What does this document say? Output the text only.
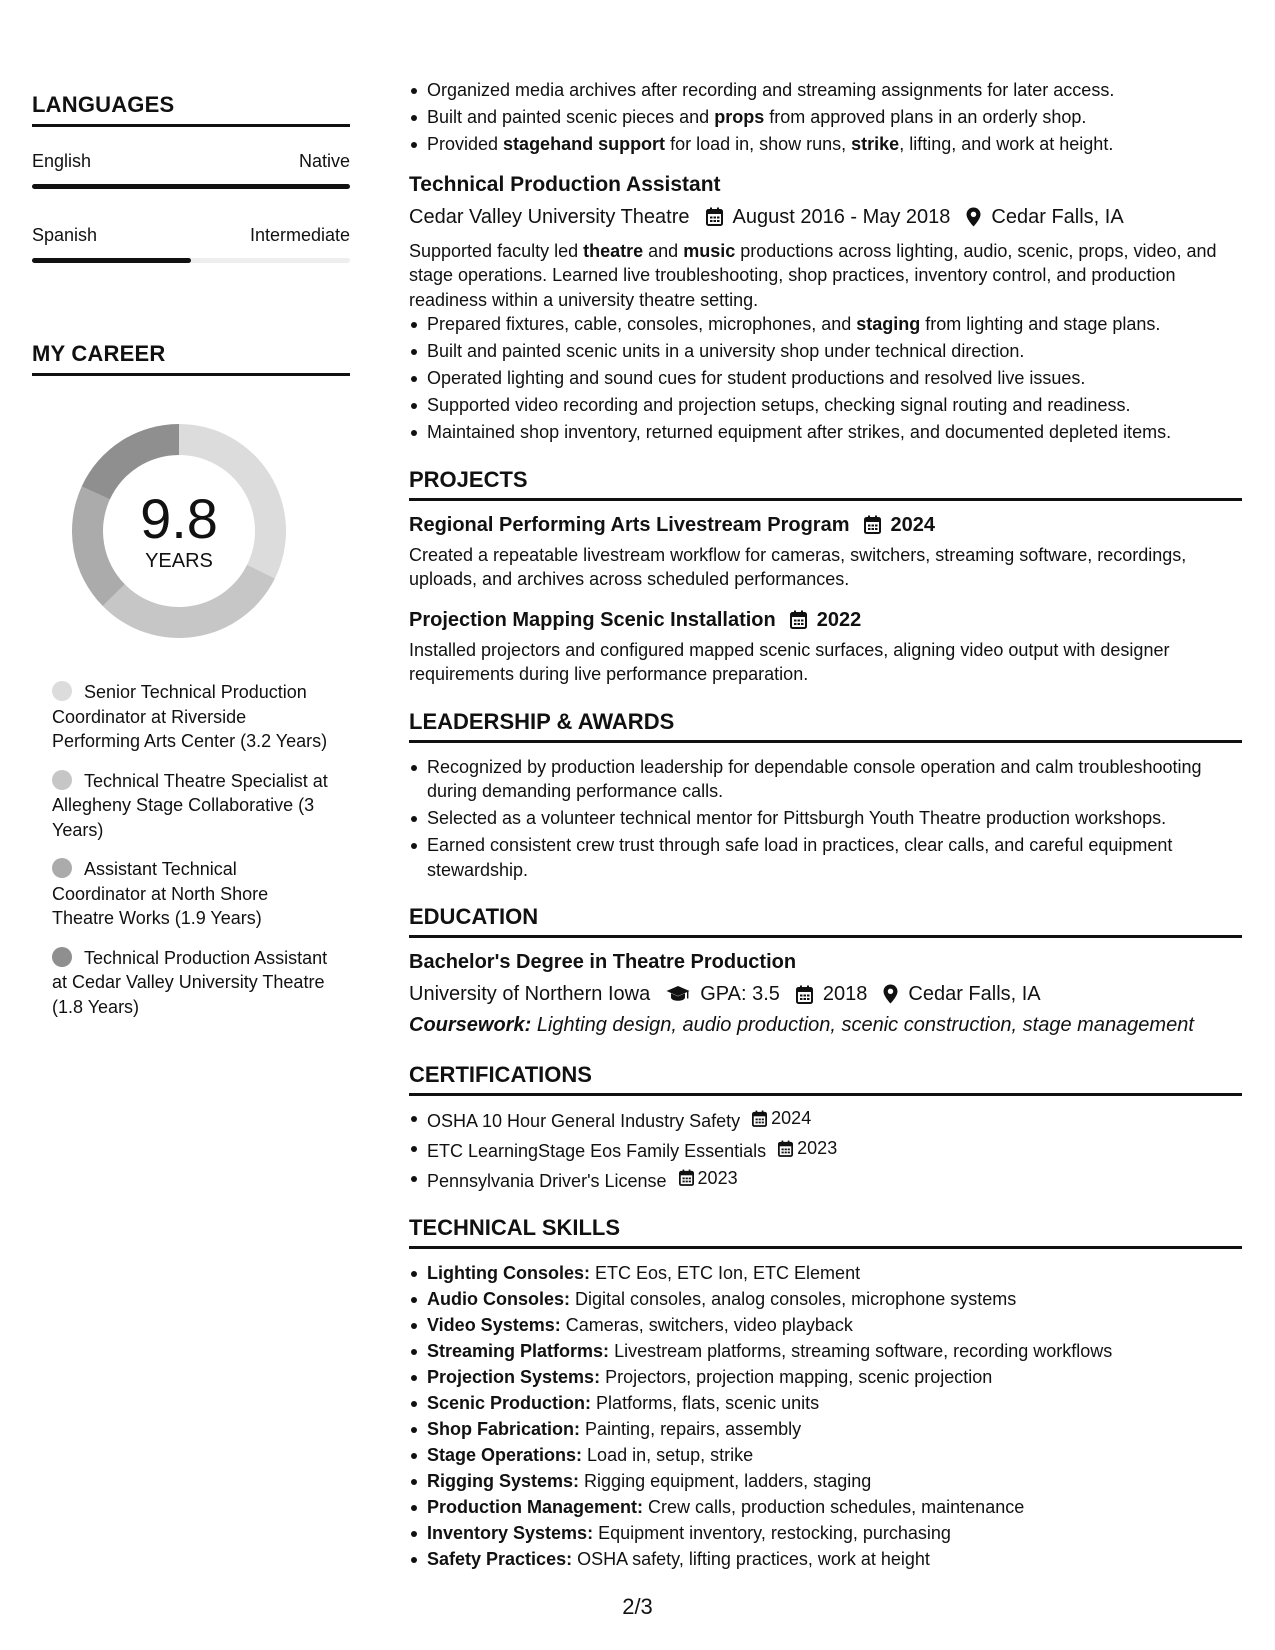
LANGUAGES
English	Native
Spanish	Intermediate
MY CAREER
9.8
YEARS
Senior Technical Production Coordinator at Riverside Performing Arts Center (3.2 Years)
Technical Theatre Specialist at Allegheny Stage Collaborative (3 Years)
Assistant Technical Coordinator at North Shore Theatre Works (1.9 Years)
Technical Production Assistant at Cedar Valley University Theatre (1.8 Years)
Organized media archives after recording and streaming assignments for later access.
Built and painted scenic pieces and props from approved plans in an orderly shop.
Provided stagehand support for load in, show runs, strike, lifting, and work at height.
Technical Production Assistant
Cedar Valley University Theatre August 2016 - May 2018 Cedar Falls, IA
Supported faculty led theatre and music productions across lighting, audio, scenic, props, video, and stage operations. Learned live troubleshooting, shop practices, inventory control, and production readiness within a university theatre setting.
Prepared fixtures, cable, consoles, microphones, and staging from lighting and stage plans.
Built and painted scenic units in a university shop under technical direction.
Operated lighting and sound cues for student productions and resolved live issues.
Supported video recording and projection setups, checking signal routing and readiness.
Maintained shop inventory, returned equipment after strikes, and documented depleted items.
PROJECTS
Regional Performing Arts Livestream Program 2024
Created a repeatable livestream workflow for cameras, switchers, streaming software, recordings, uploads, and archives across scheduled performances.
Projection Mapping Scenic Installation 2022
Installed projectors and configured mapped scenic surfaces, aligning video output with designer requirements during live performance preparation.
LEADERSHIP & AWARDS
Recognized by production leadership for dependable console operation and calm troubleshooting during demanding performance calls.
Selected as a volunteer technical mentor for Pittsburgh Youth Theatre production workshops.
Earned consistent crew trust through safe load in practices, clear calls, and careful equipment stewardship.
EDUCATION
Bachelor's Degree in Theatre Production
University of Northern Iowa	GPA: 3.5 2018 Cedar Falls, IA
Coursework: Lighting design, audio production, scenic construction, stage management
CERTIFICATIONS
OSHA 10 Hour General Industry Safety 2024
ETC LearningStage Eos Family Essentials 2023
Pennsylvania Driver's License 2023
TECHNICAL SKILLS
Lighting Consoles: ETC Eos, ETC Ion, ETC Element
Audio Consoles: Digital consoles, analog consoles, microphone systems
Video Systems: Cameras, switchers, video playback
Streaming Platforms: Livestream platforms, streaming software, recording workflows
Projection Systems: Projectors, projection mapping, scenic projection
Scenic Production: Platforms, flats, scenic units
Shop Fabrication: Painting, repairs, assembly
Stage Operations: Load in, setup, strike
Rigging Systems: Rigging equipment, ladders, staging
Production Management: Crew calls, production schedules, maintenance
Inventory Systems: Equipment inventory, restocking, purchasing
Safety Practices: OSHA safety, lifting practices, work at height
2/3
